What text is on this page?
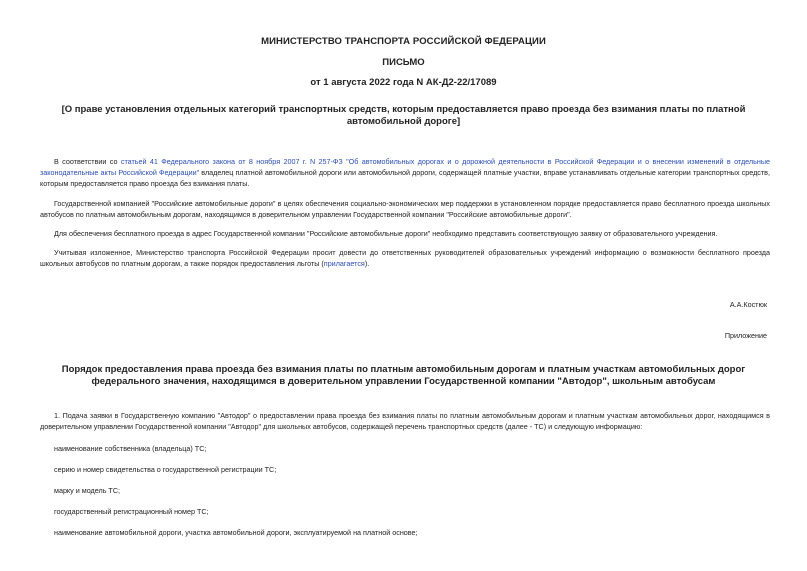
МИНИСТЕРСТВО ТРАНСПОРТА РОССИЙСКОЙ ФЕДЕРАЦИИ
ПИСЬМО
от 1 августа 2022 года N АК-Д2-22/17089
[О праве установления отдельных категорий транспортных средств, которым предоставляется право проезда без взимания платы по платной автомобильной дороге]

В соответствии со статьей 41 Федерального закона от 8 ноября 2007 г. N 257-ФЗ "Об автомобильных дорогах и о дорожной деятельности в Российской Федерации и о внесении изменений в отдельные законодательные акты Российской Федерации" владелец платной автомобильной дороги или автомобильной дороги, содержащей платные участки, вправе устанавливать отдельные категории транспортных средств, которым предоставляется право проезда без взимания платы.

Государственной компанией "Российские автомобильные дороги" в целях обеспечения социально-экономических мер поддержки в установленном порядке предоставляется право бесплатного проезда школьных автобусов по платным автомобильным дорогам, находящимся в доверительном управлении Государственной компании "Российские автомобильные дороги".

Для обеспечения бесплатного проезда в адрес Государственной компании "Российские автомобильные дороги" необходимо представить соответствующую заявку от образовательного учреждения.

Учитывая изложенное, Министерство транспорта Российской Федерации просит довести до ответственных руководителей образовательных учреждений информацию о возможности бесплатного проезда школьных автобусов по платным дорогам, а также порядок предоставления льготы (прилагается).

А.А.Костюк
Приложение
Порядок предоставления права проезда без взимания платы по платным автомобильным дорогам и платным участкам автомобильных дорог федерального значения, находящимся в доверительном управлении Государственной компании "Автодор", школьным автобусам

1. Подача заявки в Государственную компанию "Автодор" о предоставлении права проезда без взимания платы по платным автомобильным дорогам и платным участкам автомобильных дорог, находящимся в доверительном управлении Государственной компании "Автодор" для школьных автобусов, содержащей перечень транспортных средств (далее - ТС) и следующую информацию:

наименование собственника (владельца) ТС;
серию и номер свидетельства о государственной регистрации ТС;
марку и модель ТС;
государственный регистрационный номер ТС;
наименование автомобильной дороги, участка автомобильной дороги, эксплуатируемой на платной основе;
